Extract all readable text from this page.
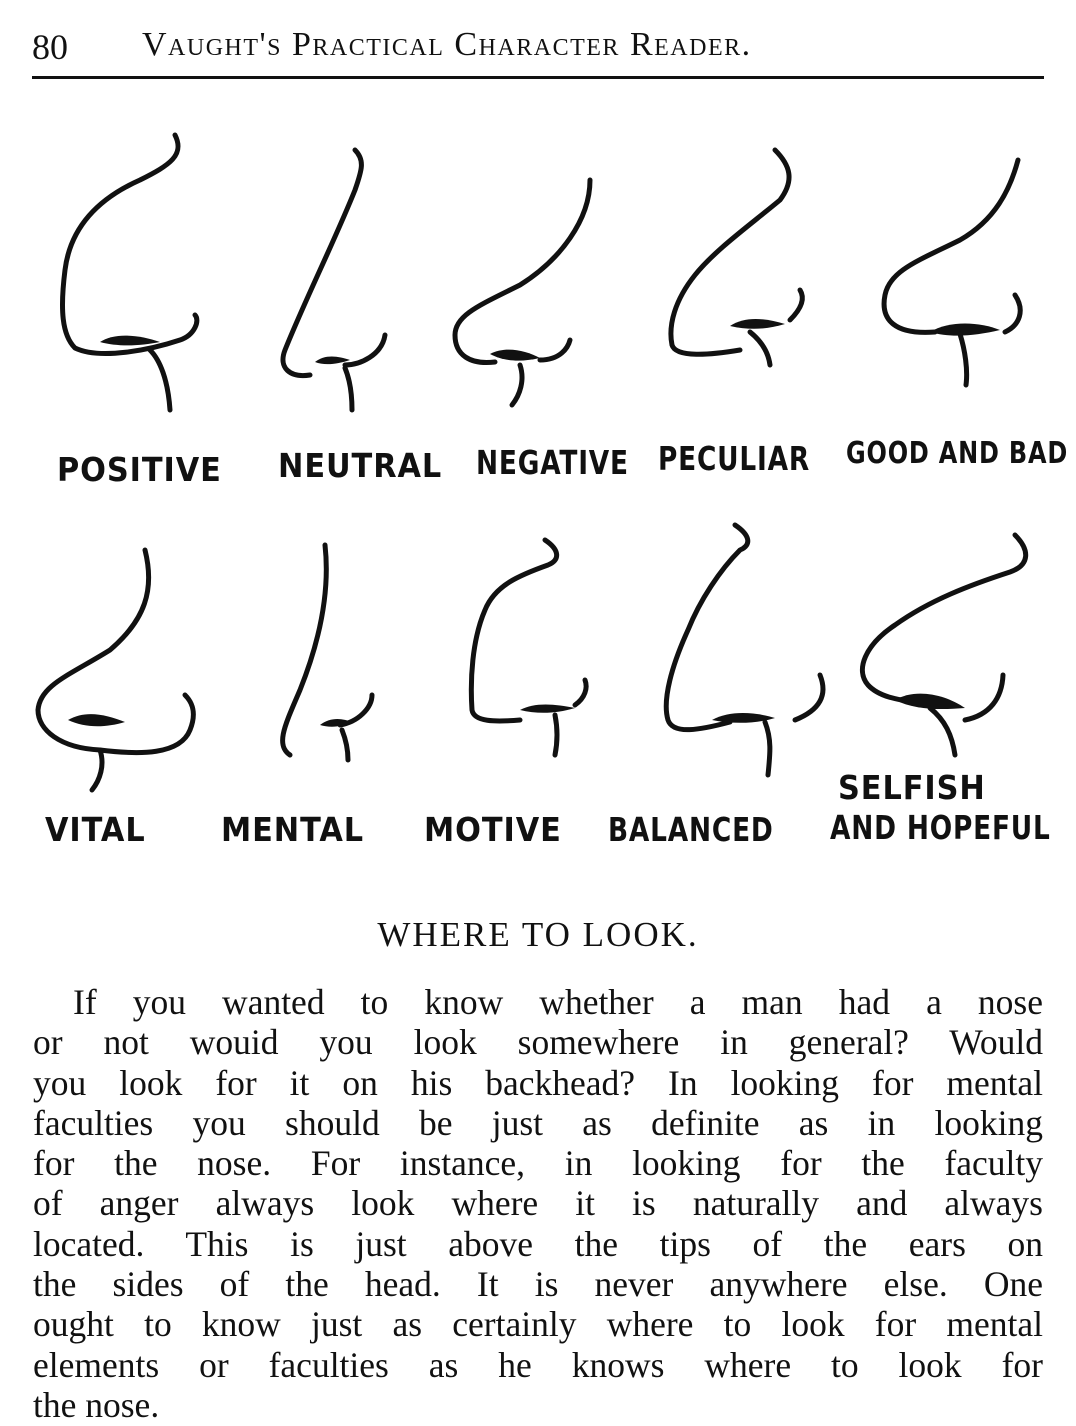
80 Vaught's Practical Character Reader.
POSITIVE NEUTRAL NEGATIVE PECULIAR GOOD AND BAD
VITAL MENTAL MOTIVE BALANCED
SELFISH
AND HOPEFUL
WHERE TO LOOK.
If you wanted to know whether a man had a nose
or not wouid you look somewhere in general? Would
you look for it on his backhead? In looking for mental
faculties you should be just as definite as in looking
for the nose. For instance, in looking for the faculty
of anger always look where it is naturally and always
located. This is just above the tips of the ears on
the sides of the head. It is never anywhere else. One
ought to know just as certainly where to look for mental
elements or faculties as he knows where to look for
the nose.
